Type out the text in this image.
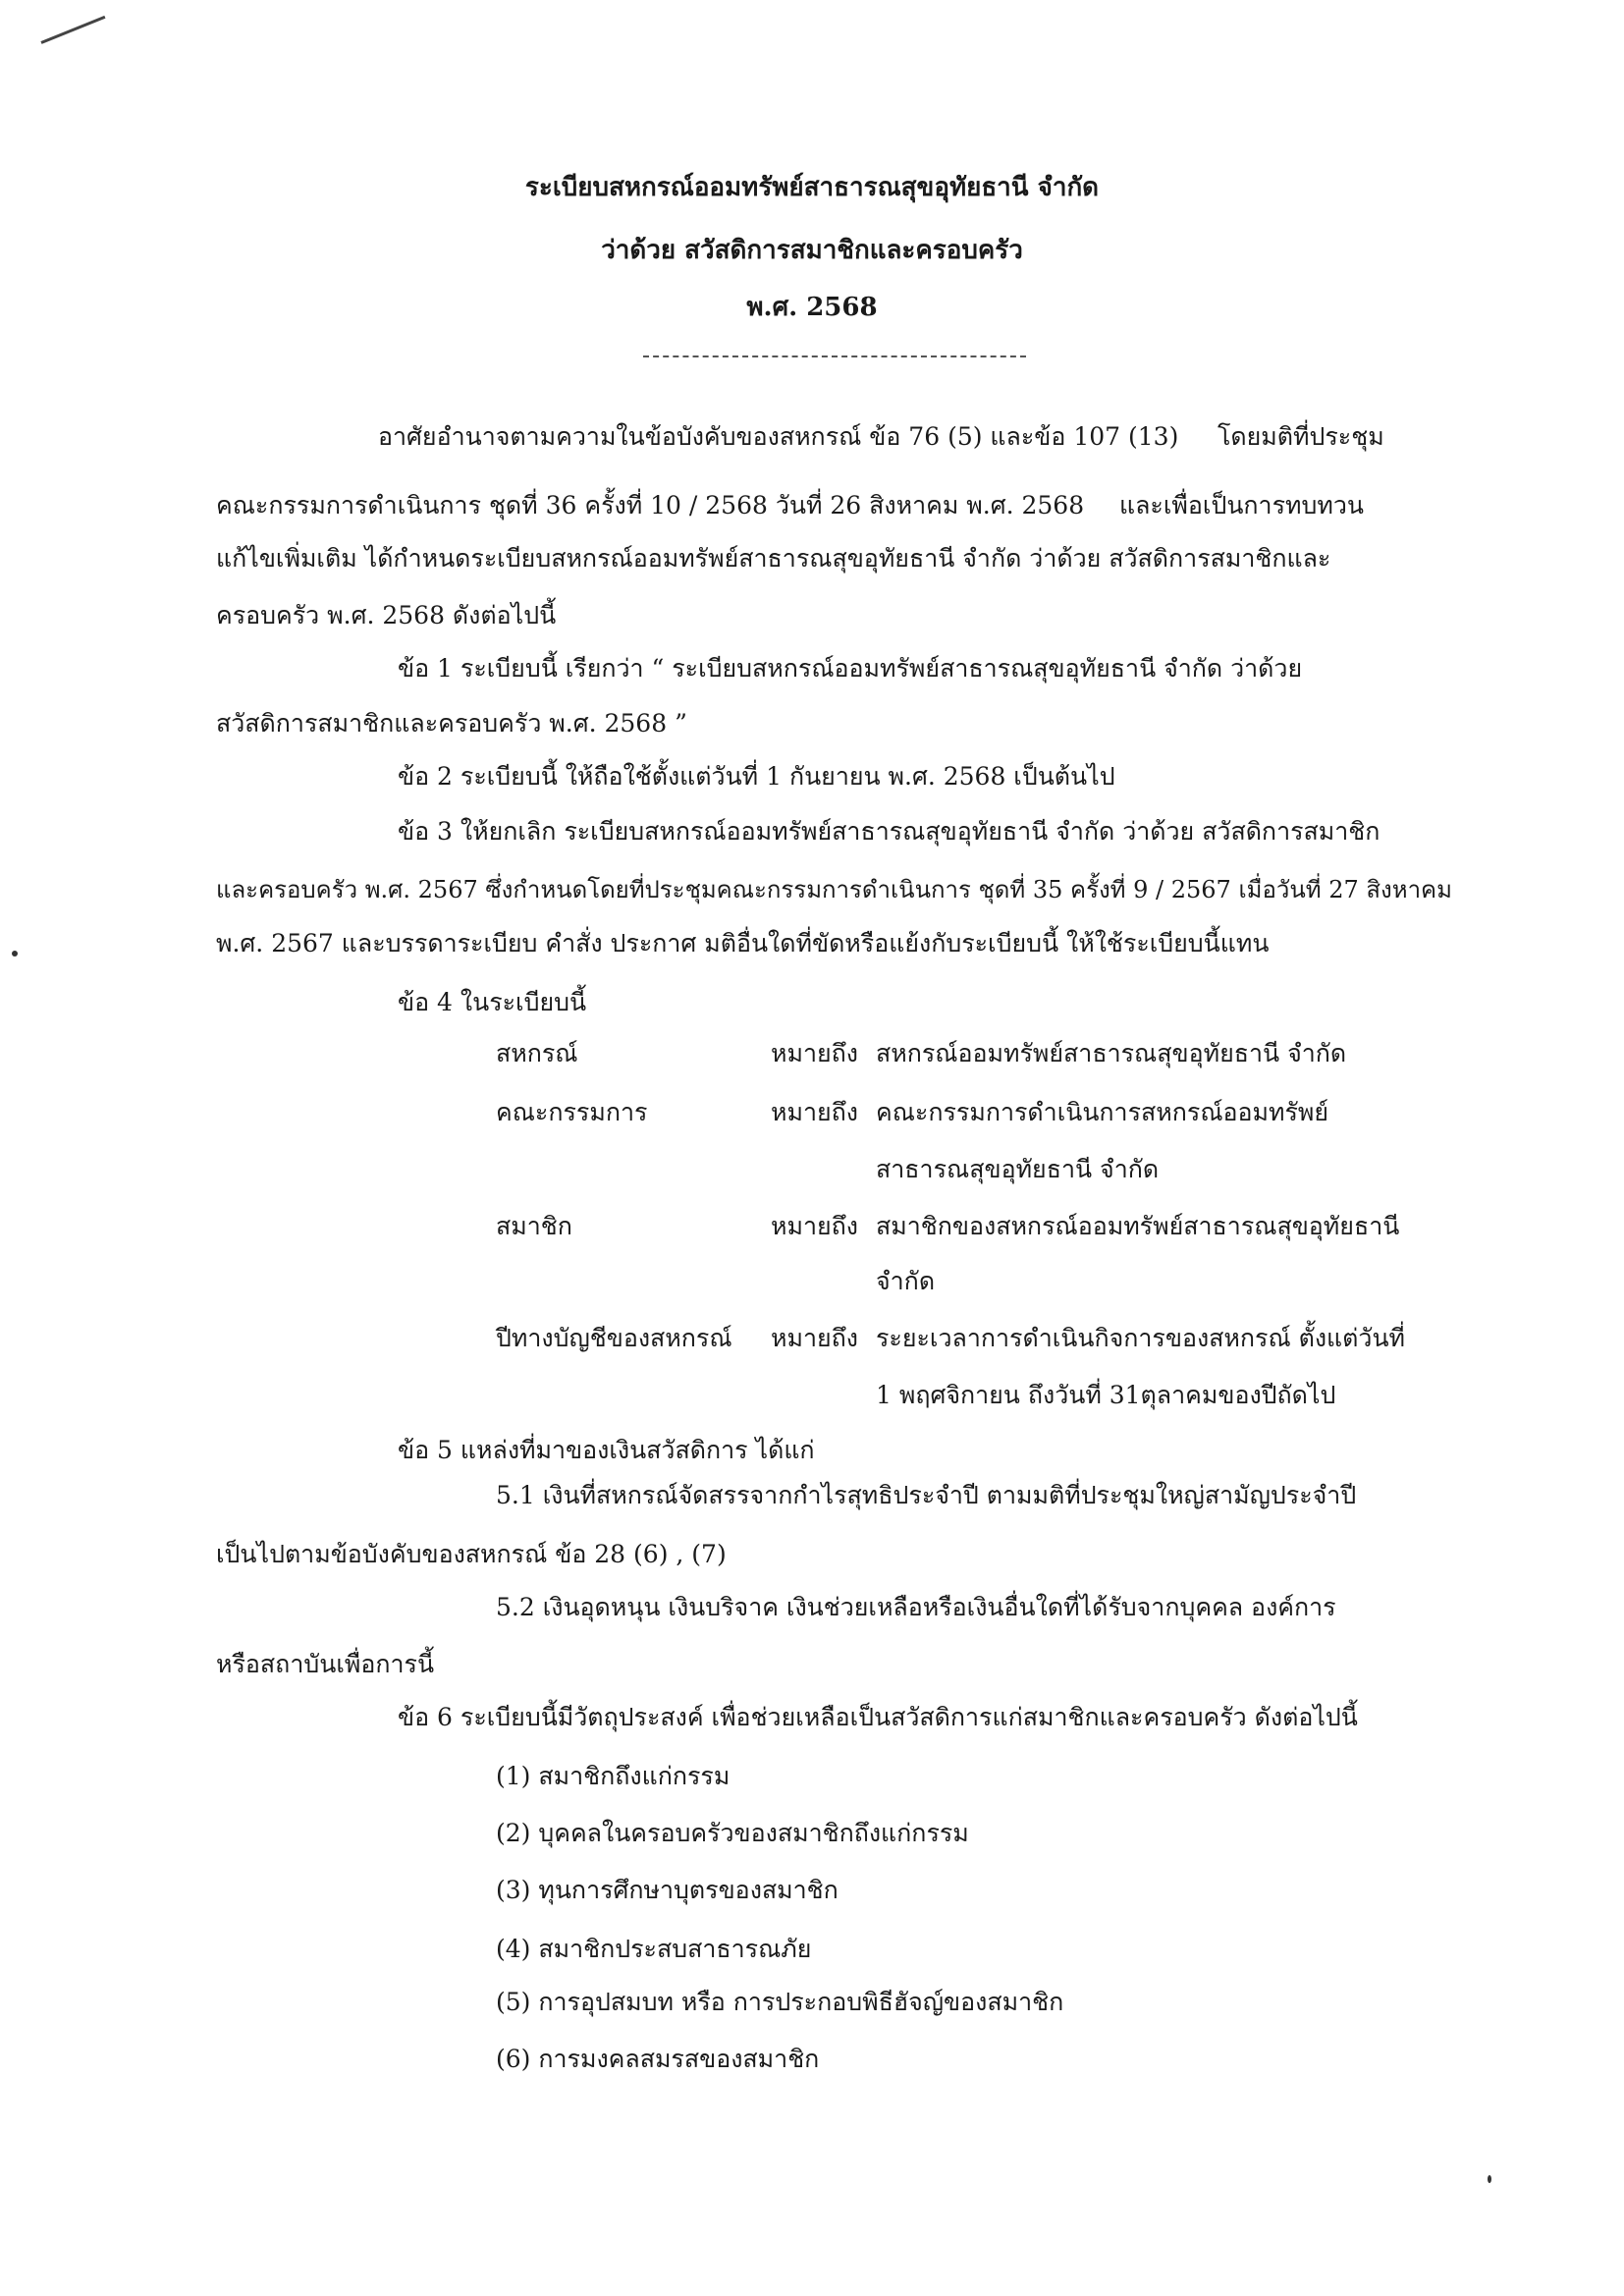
ระเบียบสหกรณ์ออมทรัพย์สาธารณสุขอุทัยธานี จำกัด
ว่าด้วย สวัสดิการสมาชิกและครอบครัว
พ.ศ. 2568
อาศัยอำนาจตามความในข้อบังคับของสหกรณ์ ข้อ 76 (5) และข้อ 107 (13) โดยมติที่ประชุม
คณะกรรมการดำเนินการ ชุดที่ 36 ครั้งที่ 10 / 2568 วันที่ 26 สิงหาคม พ.ศ. 2568 และเพื่อเป็นการทบทวน
แก้ไขเพิ่มเติม ได้กำหนดระเบียบสหกรณ์ออมทรัพย์สาธารณสุขอุทัยธานี จำกัด ว่าด้วย สวัสดิการสมาชิกและ
ครอบครัว พ.ศ. 2568 ดังต่อไปนี้
ข้อ 1 ระเบียบนี้ เรียกว่า “ ระเบียบสหกรณ์ออมทรัพย์สาธารณสุขอุทัยธานี จำกัด ว่าด้วย
สวัสดิการสมาชิกและครอบครัว พ.ศ. 2568 ”
ข้อ 2 ระเบียบนี้ ให้ถือใช้ตั้งแต่วันที่ 1 กันยายน พ.ศ. 2568 เป็นต้นไป
ข้อ 3 ให้ยกเลิก ระเบียบสหกรณ์ออมทรัพย์สาธารณสุขอุทัยธานี จำกัด ว่าด้วย สวัสดิการสมาชิก
และครอบครัว พ.ศ. 2567 ซึ่งกำหนดโดยที่ประชุมคณะกรรมการดำเนินการ ชุดที่ 35 ครั้งที่ 9 / 2567 เมื่อวันที่ 27 สิงหาคม
พ.ศ. 2567 และบรรดาระเบียบ คำสั่ง ประกาศ มติอื่นใดที่ขัดหรือแย้งกับระเบียบนี้ ให้ใช้ระเบียบนี้แทน
ข้อ 4 ในระเบียบนี้
สหกรณ์	หมายถึง สหกรณ์ออมทรัพย์สาธารณสุขอุทัยธานี จำกัด
คณะกรรมการ	หมายถึง คณะกรรมการดำเนินการสหกรณ์ออมทรัพย์
สาธารณสุขอุทัยธานี จำกัด
สมาชิก	หมายถึง สมาชิกของสหกรณ์ออมทรัพย์สาธารณสุขอุทัยธานี
จำกัด
ปีทางบัญชีของสหกรณ์ หมายถึง ระยะเวลาการดำเนินกิจการของสหกรณ์ ตั้งแต่วันที่
1 พฤศจิกายน ถึงวันที่ 31ตุลาคมของปีถัดไป
ข้อ 5 แหล่งที่มาของเงินสวัสดิการ ได้แก่
5.1 เงินที่สหกรณ์จัดสรรจากกำไรสุทธิประจำปี ตามมติที่ประชุมใหญ่สามัญประจำปี
เป็นไปตามข้อบังคับของสหกรณ์ ข้อ 28 (6) , (7)
5.2 เงินอุดหนุน เงินบริจาค เงินช่วยเหลือหรือเงินอื่นใดที่ได้รับจากบุคคล องค์การ
หรือสถาบันเพื่อการนี้
ข้อ 6 ระเบียบนี้มีวัตถุประสงค์ เพื่อช่วยเหลือเป็นสวัสดิการแก่สมาชิกและครอบครัว ดังต่อไปนี้
(1) สมาชิกถึงแก่กรรม
(2) บุคคลในครอบครัวของสมาชิกถึงแก่กรรม
(3) ทุนการศึกษาบุตรของสมาชิก
(4) สมาชิกประสบสาธารณภัย
(5) การอุปสมบท หรือ การประกอบพิธีฮัจญ์ของสมาชิก
(6) การมงคลสมรสของสมาชิก
